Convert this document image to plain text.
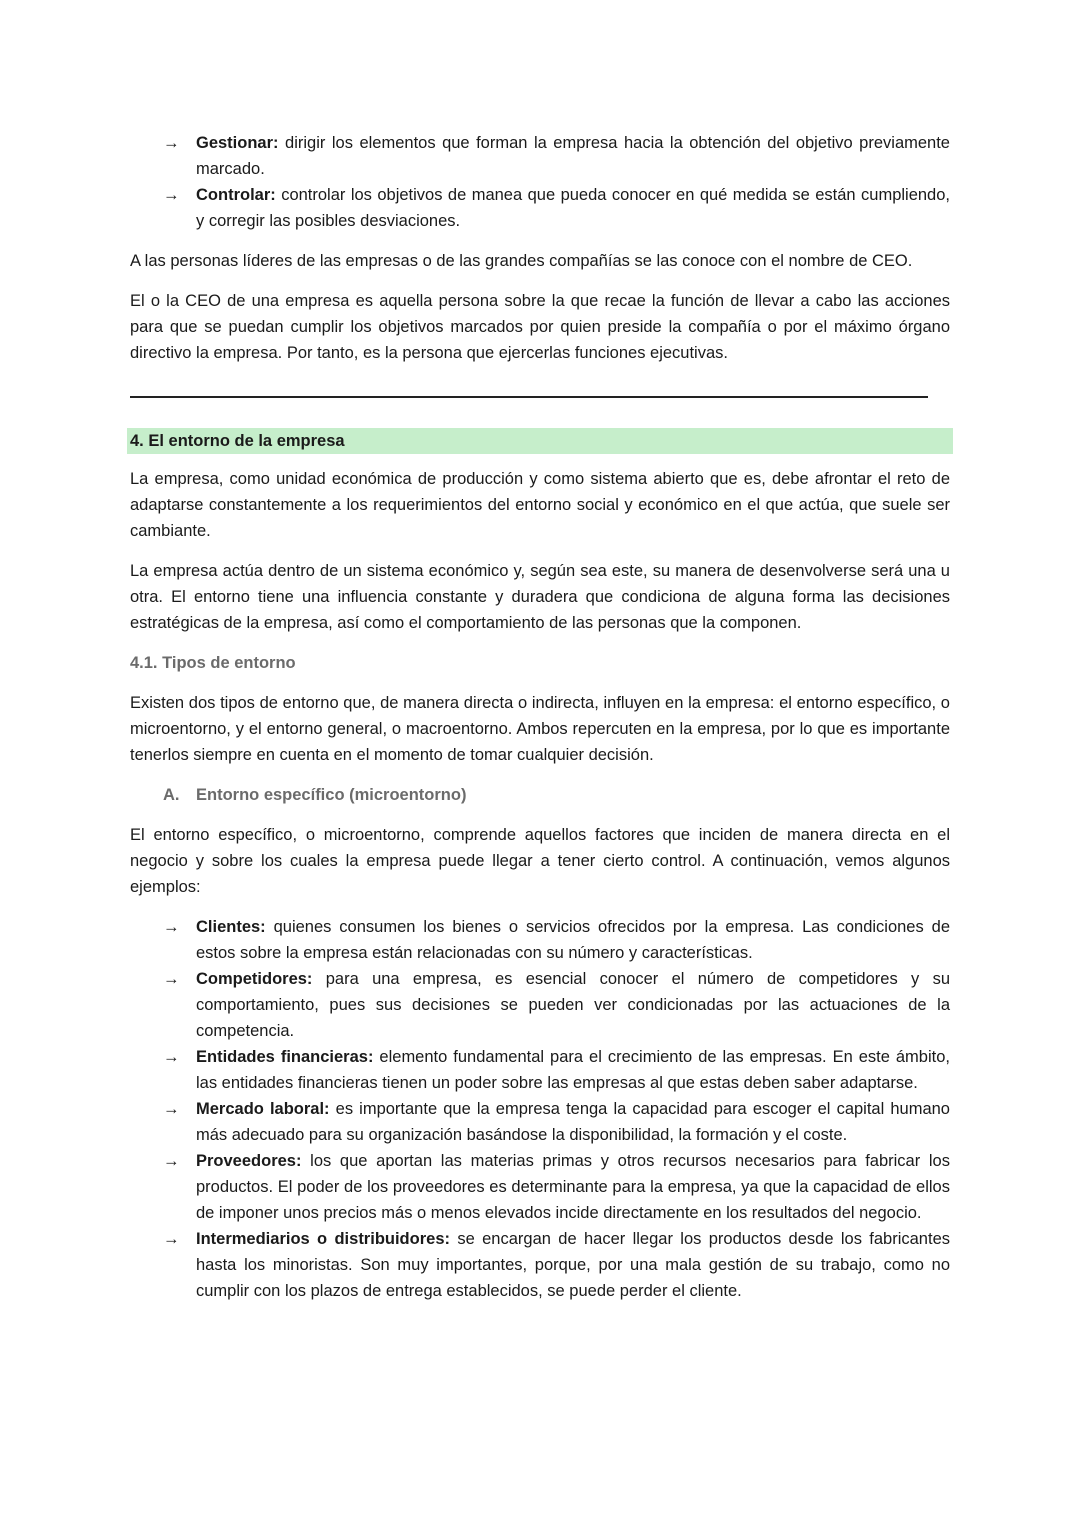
→ Gestionar: dirigir los elementos que forman la empresa hacia la obtención del objetivo previamente marcado.
→ Controlar: controlar los objetivos de manea que pueda conocer en qué medida se están cumpliendo, y corregir las posibles desviaciones.

A las personas líderes de las empresas o de las grandes compañías se las conoce con el nombre de CEO.

El o la CEO de una empresa es aquella persona sobre la que recae la función de llevar a cabo las acciones para que se puedan cumplir los objetivos marcados por quien preside la compañía o por el máximo órgano directivo la empresa. Por tanto, es la persona que ejercerlas funciones ejecutivas.

4. El entorno de la empresa

La empresa, como unidad económica de producción y como sistema abierto que es, debe afrontar el reto de adaptarse constantemente a los requerimientos del entorno social y económico en el que actúa, que suele ser cambiante.

La empresa actúa dentro de un sistema económico y, según sea este, su manera de desenvolverse será una u otra. El entorno tiene una influencia constante y duradera que condiciona de alguna forma las decisiones estratégicas de la empresa, así como el comportamiento de las personas que la componen.

4.1. Tipos de entorno

Existen dos tipos de entorno que, de manera directa o indirecta, influyen en la empresa: el entorno específico, o microentorno, y el entorno general, o macroentorno. Ambos repercuten en la empresa, por lo que es importante tenerlos siempre en cuenta en el momento de tomar cualquier decisión.

A. Entorno específico (microentorno)

El entorno específico, o microentorno, comprende aquellos factores que inciden de manera directa en el negocio y sobre los cuales la empresa puede llegar a tener cierto control. A continuación, vemos algunos ejemplos:

→ Clientes: quienes consumen los bienes o servicios ofrecidos por la empresa. Las condiciones de estos sobre la empresa están relacionadas con su número y características.
→ Competidores: para una empresa, es esencial conocer el número de competidores y su comportamiento, pues sus decisiones se pueden ver condicionadas por las actuaciones de la competencia.
→ Entidades financieras: elemento fundamental para el crecimiento de las empresas. En este ámbito, las entidades financieras tienen un poder sobre las empresas al que estas deben saber adaptarse.
→ Mercado laboral: es importante que la empresa tenga la capacidad para escoger el capital humano más adecuado para su organización basándose la disponibilidad, la formación y el coste.
→ Proveedores: los que aportan las materias primas y otros recursos necesarios para fabricar los productos. El poder de los proveedores es determinante para la empresa, ya que la capacidad de ellos de imponer unos precios más o menos elevados incide directamente en los resultados del negocio.
→ Intermediarios o distribuidores: se encargan de hacer llegar los productos desde los fabricantes hasta los minoristas. Son muy importantes, porque, por una mala gestión de su trabajo, como no cumplir con los plazos de entrega establecidos, se puede perder el cliente.
